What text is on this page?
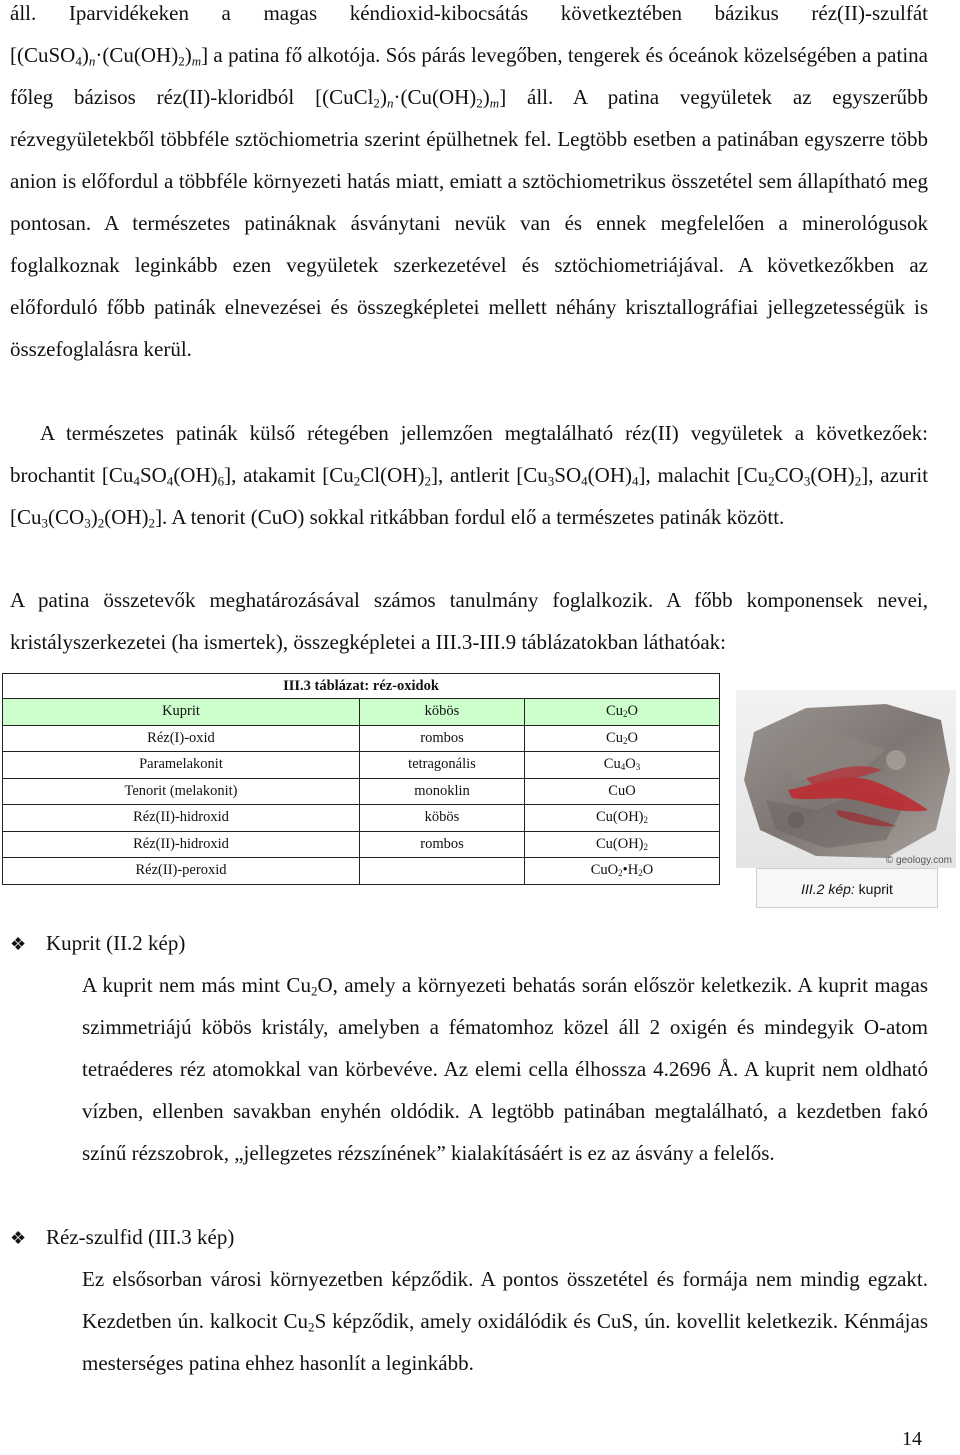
áll. Iparvidékeken a magas kéndioxid-kibocsátás következtében bázikus réz(II)-szulfát $[(CuSO_4)_n\cdot(Cu(OH)_2)_m]$ a patina fő alkotója. Sós párás levegőben, tengerek és óceánok közelségében a patina főleg bázisos réz(II)-kloridból $[(CuCl_2)_n\cdot(Cu(OH)_2)_m]$ áll. A patina vegyületek az egyszerűbb rézvegyületekből többféle sztöchiometria szerint épülhetnek fel. Legtöbb esetben a patinában egyszerre több anion is előfordul a többféle környezeti hatás miatt, emiatt a sztöchiometrikus összetétel sem állapítható meg pontosan. A természetes patináknak ásványtani nevük van és ennek megfelelően a minerológusok foglalkoznak leginkább ezen vegyületek szerkezetével és sztöchiometriájával. A következőkben az előforduló főbb patinák elnevezései és összegképletei mellett néhány krisztallográfiai jellegzetességük is összefoglalásra kerül.

A természetes patinák külső rétegében jellemzően megtalálható réz(II) vegyületek a következőek: brochantit $[Cu_4SO_4(OH)_6]$, atakamit $[Cu_2Cl(OH)_2]$, antlerit $[Cu_3SO_4(OH)_4]$, malachit $[Cu_2CO_3(OH)_2]$, azurit $[Cu_3(CO_3)_2(OH)_2]$. A tenorit (CuO) sokkal ritkábban fordul elő a természetes patinák között.

A patina összetevők meghatározásával számos tanulmány foglalkozik. A főbb komponensek nevei, kristályszerkezetei (ha ismertek), összegképletei a III.3-III.9 táblázatokban láthatóak:

III.3 táblázat: réz-oxidok		
Kuprit	köbös	$Cu_2O$
Réz(I)-oxid	rombos	$Cu_2O$
Paramelakonit	tetragonális	$Cu_4O_3$
Tenorit (melakonit)	monoklin	CuO
Réz(II)-hidroxid	köbös	$Cu(OH)_2$
Réz(II)-hidroxid	rombos	$Cu(OH)_2$
Réz(II)-peroxid		$CuO_2•H_2O$
© geology.com
III.2 kép: kuprit
❖ Kuprit (II.2 kép)

A kuprit nem más mint $Cu_2O$, amely a környezeti behatás során először keletkezik. A kuprit magas szimmetriájú köbös kristály, amelyben a fématomhoz közel áll 2 oxigén és mindegyik O-atom tetraéderes réz atomokkal van körbevéve. Az elemi cella élhossza 4.2696 Å. A kuprit nem oldható vízben, ellenben savakban enyhén oldódik. A legtöbb patinában megtalálható, a kezdetben fakó színű rézszobrok, „jellegzetes rézszínének” kialakításáért is ez az ásvány a felelős.

❖ Réz-szulfid (III.3 kép)

Ez elsősorban városi környezetben képződik. A pontos összetétel és formája nem mindig egzakt. Kezdetben ún. kalkocit $Cu_2S$ képződik, amely oxidálódik és CuS, ún. kovellit keletkezik. Kénmájas mesterséges patina ehhez hasonlít a leginkább.

14
